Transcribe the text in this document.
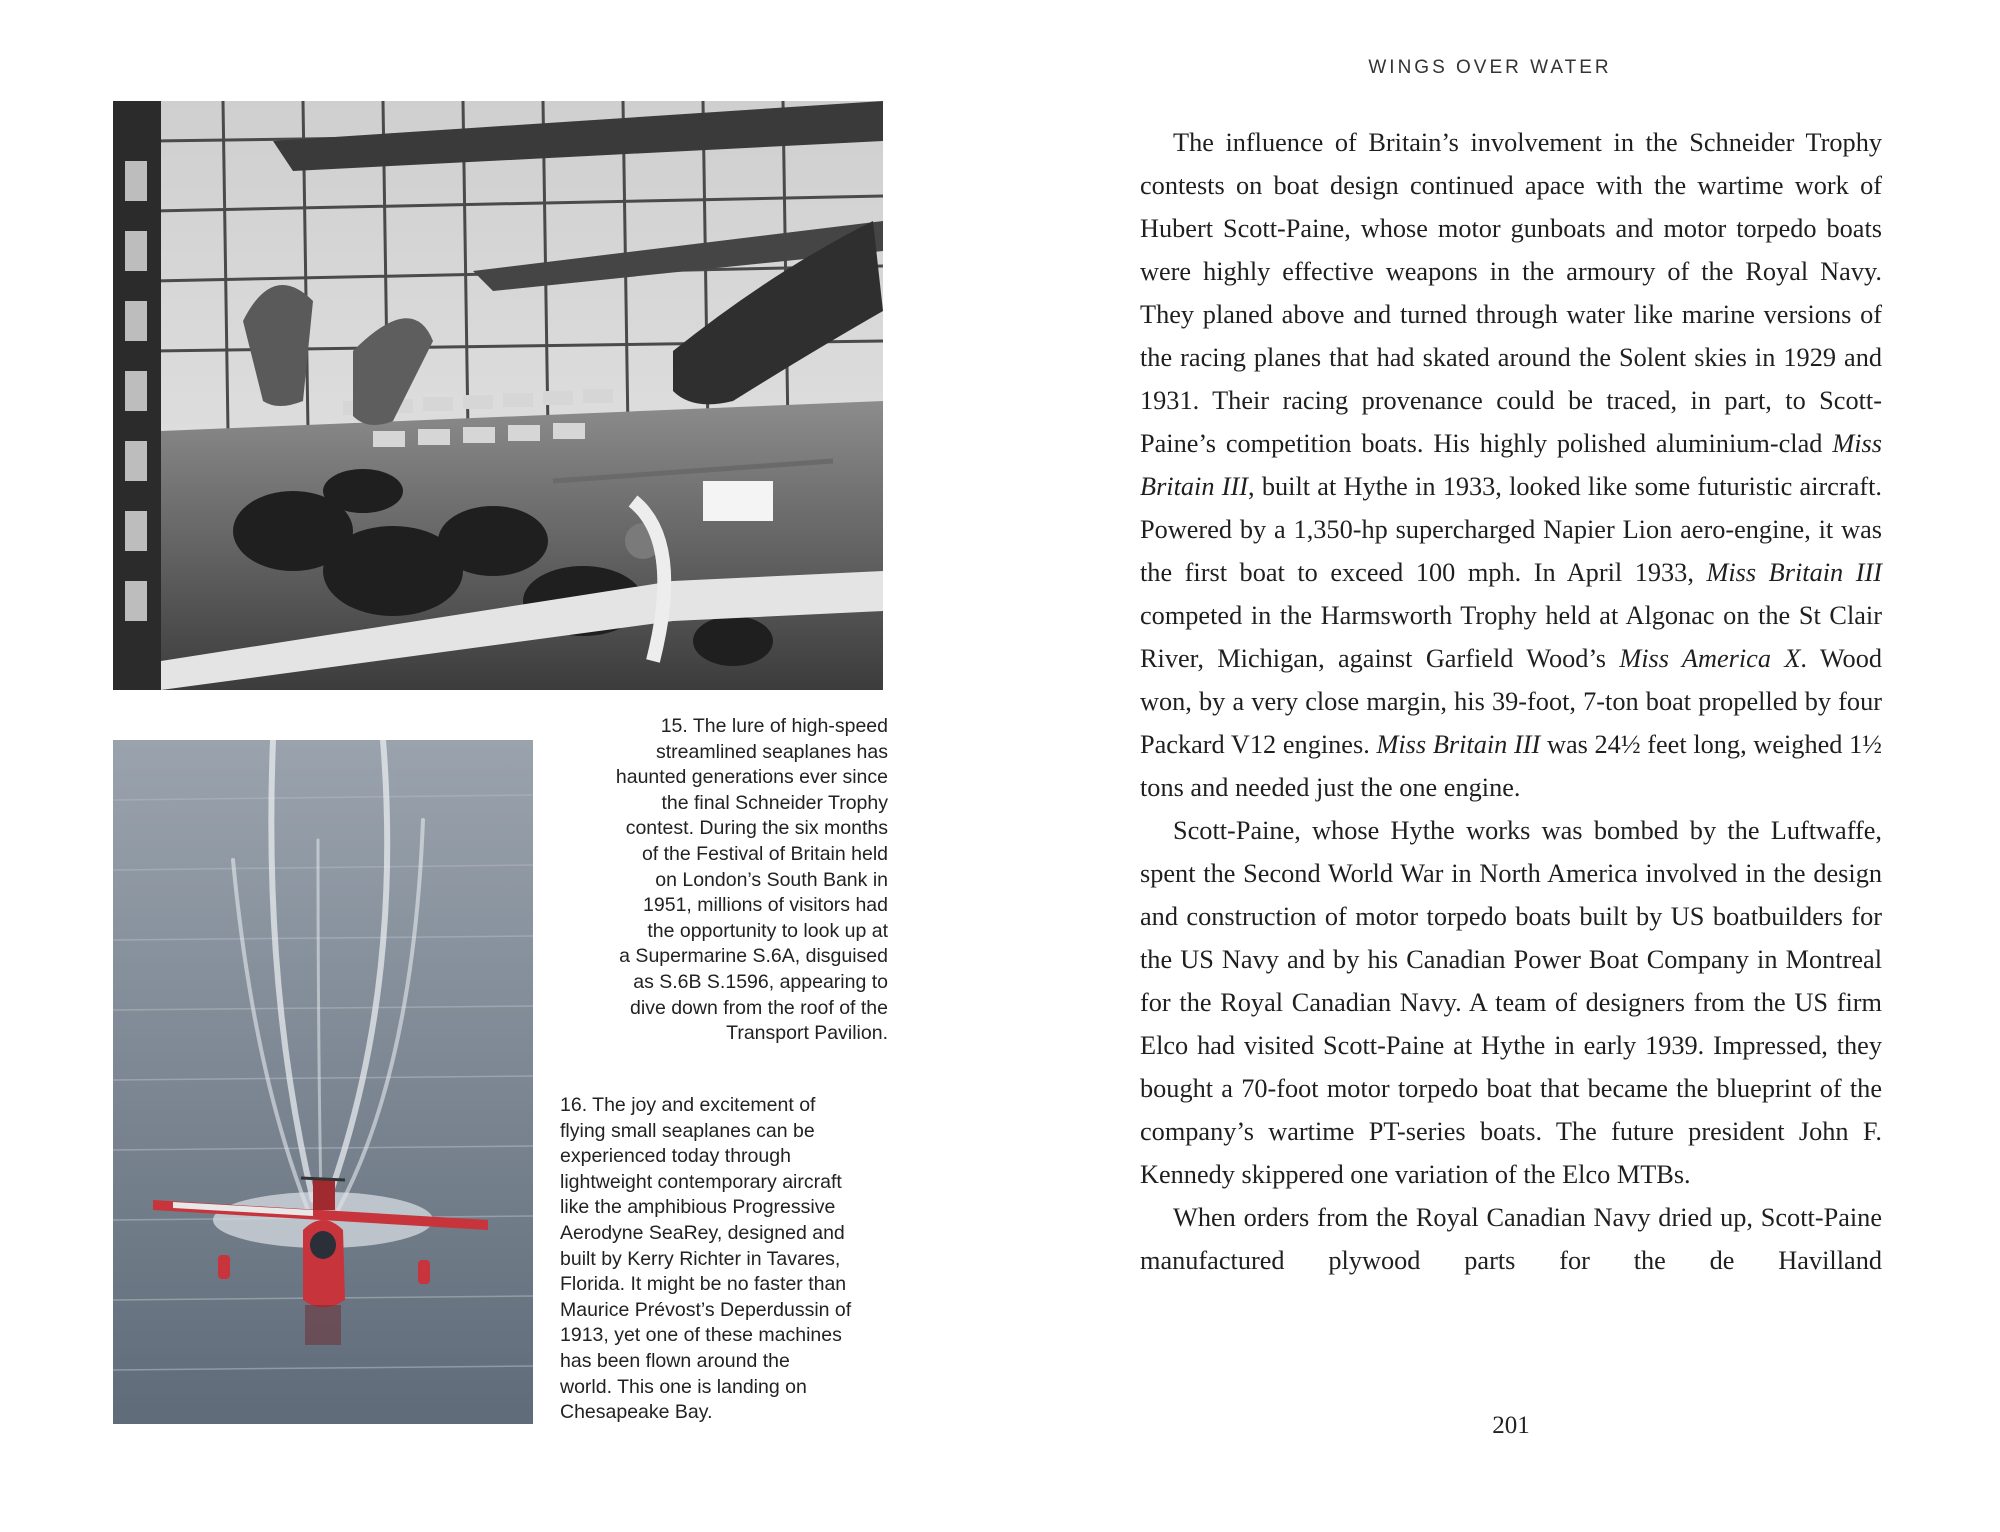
15. The lure of high-speed
streamlined seaplanes has
haunted generations ever since
the final Schneider Trophy
contest. During the six months
of the Festival of Britain held
on London’s South Bank in
1951, millions of visitors had
the opportunity to look up at
a Supermarine S.6A, disguised
as S.6B S.1596, appearing to
dive down from the roof of the
Transport Pavilion.
16. The joy and excitement of
flying small seaplanes can be
experienced today through
lightweight contemporary aircraft
like the amphibious Progressive
Aerodyne SeaRey, designed and
built by Kerry Richter in Tavares,
Florida. It might be no faster than
Maurice Prévost’s Deperdussin of
1913, yet one of these machines
has been flown around the
world. This one is landing on
Chesapeake Bay.
WINGS OVER WATER

The influence of Britain’s involvement in the Schneider Trophy contests on boat design continued apace with the wartime work of Hubert Scott-Paine, whose motor gunboats and motor torpedo boats were highly effective weapons in the armoury of the Royal Navy. They planed above and turned through water like marine versions of the racing planes that had skated around the Solent skies in 1929 and 1931. Their racing provenance could be traced, in part, to Scott-Paine’s competition boats. His highly polished aluminium-clad Miss Britain III, built at Hythe in 1933, looked like some futuristic aircraft. Powered by a 1,350-hp supercharged Napier Lion aero-engine, it was the first boat to exceed 100 mph. In April 1933, Miss Britain III competed in the Harmsworth Trophy held at Algonac on the St Clair River, Michigan, against Garfield Wood’s Miss America X. Wood won, by a very close margin, his 39-foot, 7-ton boat propelled by four Packard V12 engines. Miss Britain III was 24½ feet long, weighed 1½ tons and needed just the one engine.

Scott-Paine, whose Hythe works was bombed by the Luftwaffe, spent the Second World War in North America involved in the design and construction of motor torpedo boats built by US boatbuilders for the US Navy and by his Canadian Power Boat Company in Montreal for the Royal Canadian Navy. A team of designers from the US firm Elco had visited Scott-Paine at Hythe in early 1939. Impressed, they bought a 70-foot motor torpedo boat that became the blueprint of the company’s wartime PT-series boats. The future president John F. Kennedy skippered one variation of the Elco MTBs.

When orders from the Royal Canadian Navy dried up, Scott-Paine manufactured plywood parts for the de Havilland

201
